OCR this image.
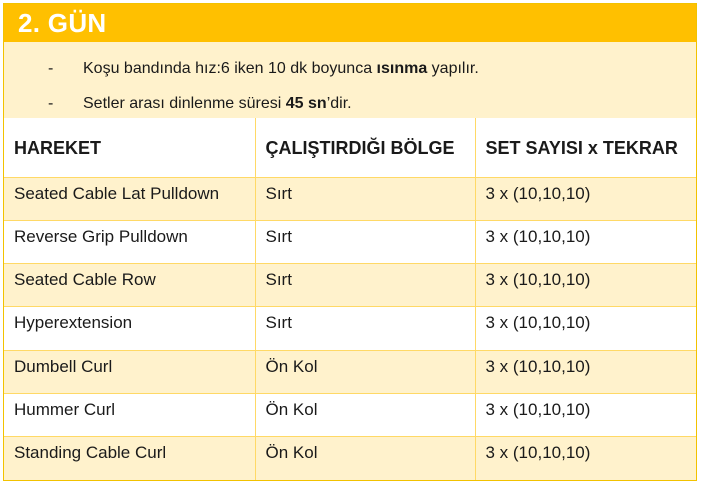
2. GÜN
- Koşu bandında hız:6 iken 10 dk boyunca ısınma yapılır.
- Setler arası dinlenme süresi 45 sn’dir.
HAREKET	ÇALIŞTIRDIĞI BÖLGE	SET SAYISI x TEKRAR
Seated Cable Lat Pulldown	Sırt	3 x (10,10,10)
Reverse Grip Pulldown	Sırt	3 x (10,10,10)
Seated Cable Row	Sırt	3 x (10,10,10)
Hyperextension	Sırt	3 x (10,10,10)
Dumbell Curl	Ön Kol	3 x (10,10,10)
Hummer Curl	Ön Kol	3 x (10,10,10)
Standing Cable Curl	Ön Kol	3 x (10,10,10)
